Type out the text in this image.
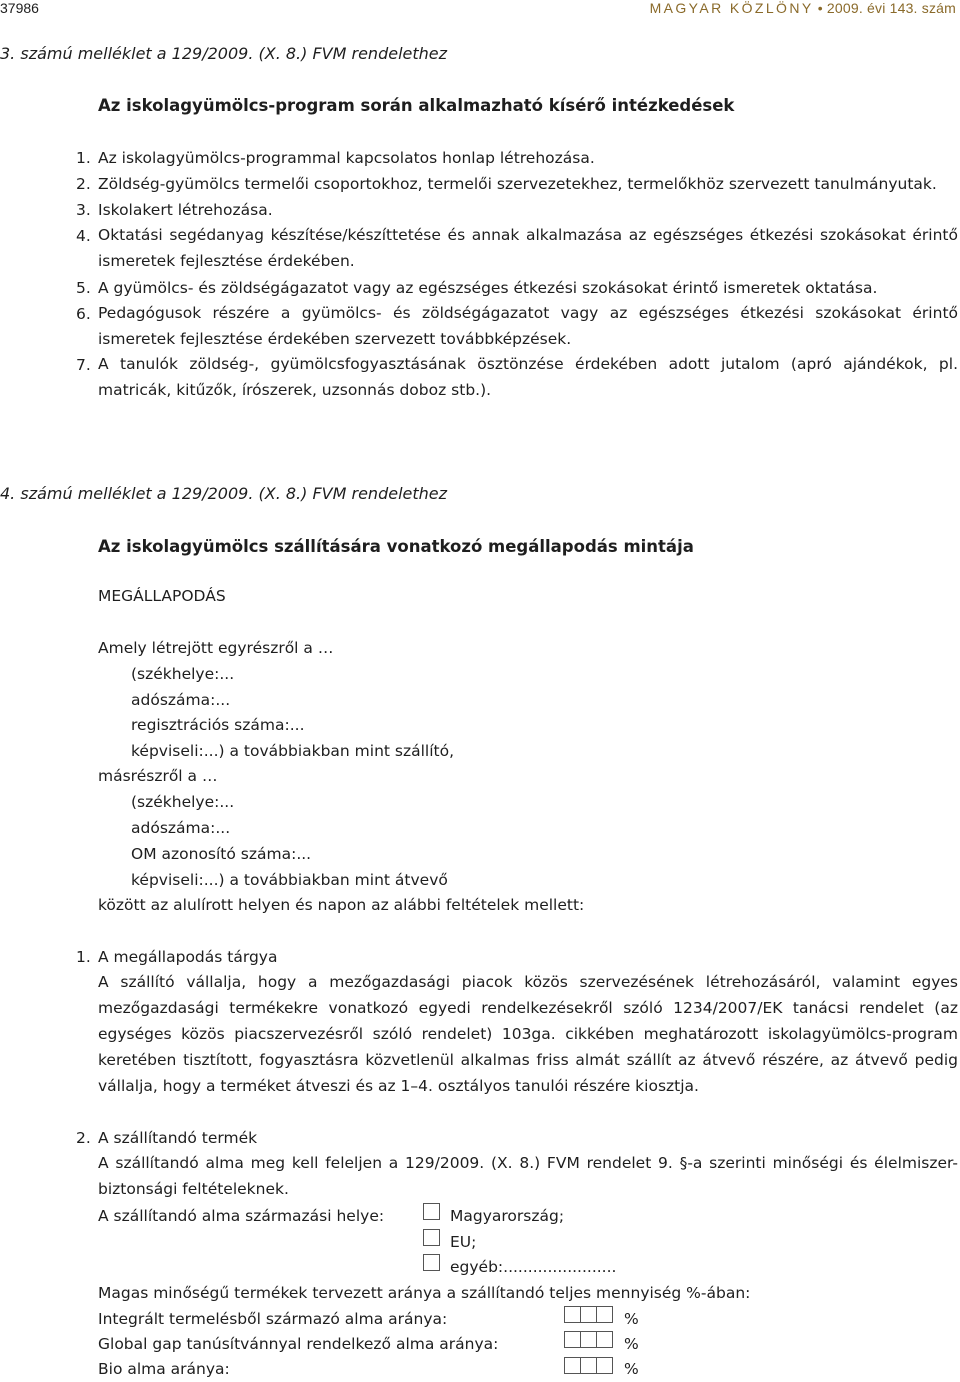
37986	MAGYAR KÖZLÖNY • 2009. évi 143. szám
3. számú melléklet a 129/2009. (X. 8.) FVM rendelethez
Az iskolagyümölcs-program során alkalmazható kísérő intézkedések
1. Az iskolagyümölcs-programmal kapcsolatos honlap létrehozása.
2. Zöldség-gyümölcs termelői csoportokhoz, termelői szervezetekhez, termelőkhöz szervezett tanulmányutak.
3. Iskolakert létrehozása.
4. Oktatási segédanyag készítése/készíttetése és annak alkalmazása az egészséges étkezési szokásokat érintő ismeretek fejlesztése érdekében.
5. A gyümölcs- és zöldségágazatot vagy az egészséges étkezési szokásokat érintő ismeretek oktatása.
6. Pedagógusok részére a gyümölcs- és zöldségágazatot vagy az egészséges étkezési szokásokat érintő ismeretek fejlesztése érdekében szervezett továbbképzések.
7. A tanulók zöldség-, gyümölcsfogyasztásának ösztönzése érdekében adott jutalom (apró ajándékok, pl. matricák, kitűzők, írószerek, uzsonnás doboz stb.).
4. számú melléklet a 129/2009. (X. 8.) FVM rendelethez
Az iskolagyümölcs szállítására vonatkozó megállapodás mintája
MEGÁLLAPODÁS
Amely létrejött egyrészről a …
(székhelye:...
adószáma:...
regisztrációs száma:...
képviseli:...) a továbbiakban mint szállító,
másrészről a …
(székhelye:...
adószáma:...
OM azonosító száma:...
képviseli:...) a továbbiakban mint átvevő
között az alulírott helyen és napon az alábbi feltételek mellett:
1. A megállapodás tárgya
A szállító vállalja, hogy a mezőgazdasági piacok közös szervezésének létrehozásáról, valamint egyes mezőgazdasági termékekre vonatkozó egyedi rendelkezésekről szóló 1234/2007/EK tanácsi rendelet (az egységes közös piacszervezésről szóló rendelet) 103ga. cikkében meghatározott iskolagyümölcs-program keretében tisztított, fogyasztásra közvetlenül alkalmas friss almát szállít az átvevő részére, az átvevő pedig vállalja, hogy a terméket átveszi és az 1–4. osztályos tanulói részére kiosztja.
2. A szállítandó termék
A szállítandó alma meg kell feleljen a 129/2009. (X. 8.) FVM rendelet 9. §-a szerinti minőségi és élelmiszer-biztonsági feltételeknek.
A szállítandó alma származási helye:	Magyarország;
EU;
egyéb:.......................
Magas minőségű termékek tervezett aránya a szállítandó teljes mennyiség %-ában:
Integrált termelésből származó alma aránya:	%
Global gap tanúsítvánnyal rendelkező alma aránya:	%
Bio alma aránya:	%
